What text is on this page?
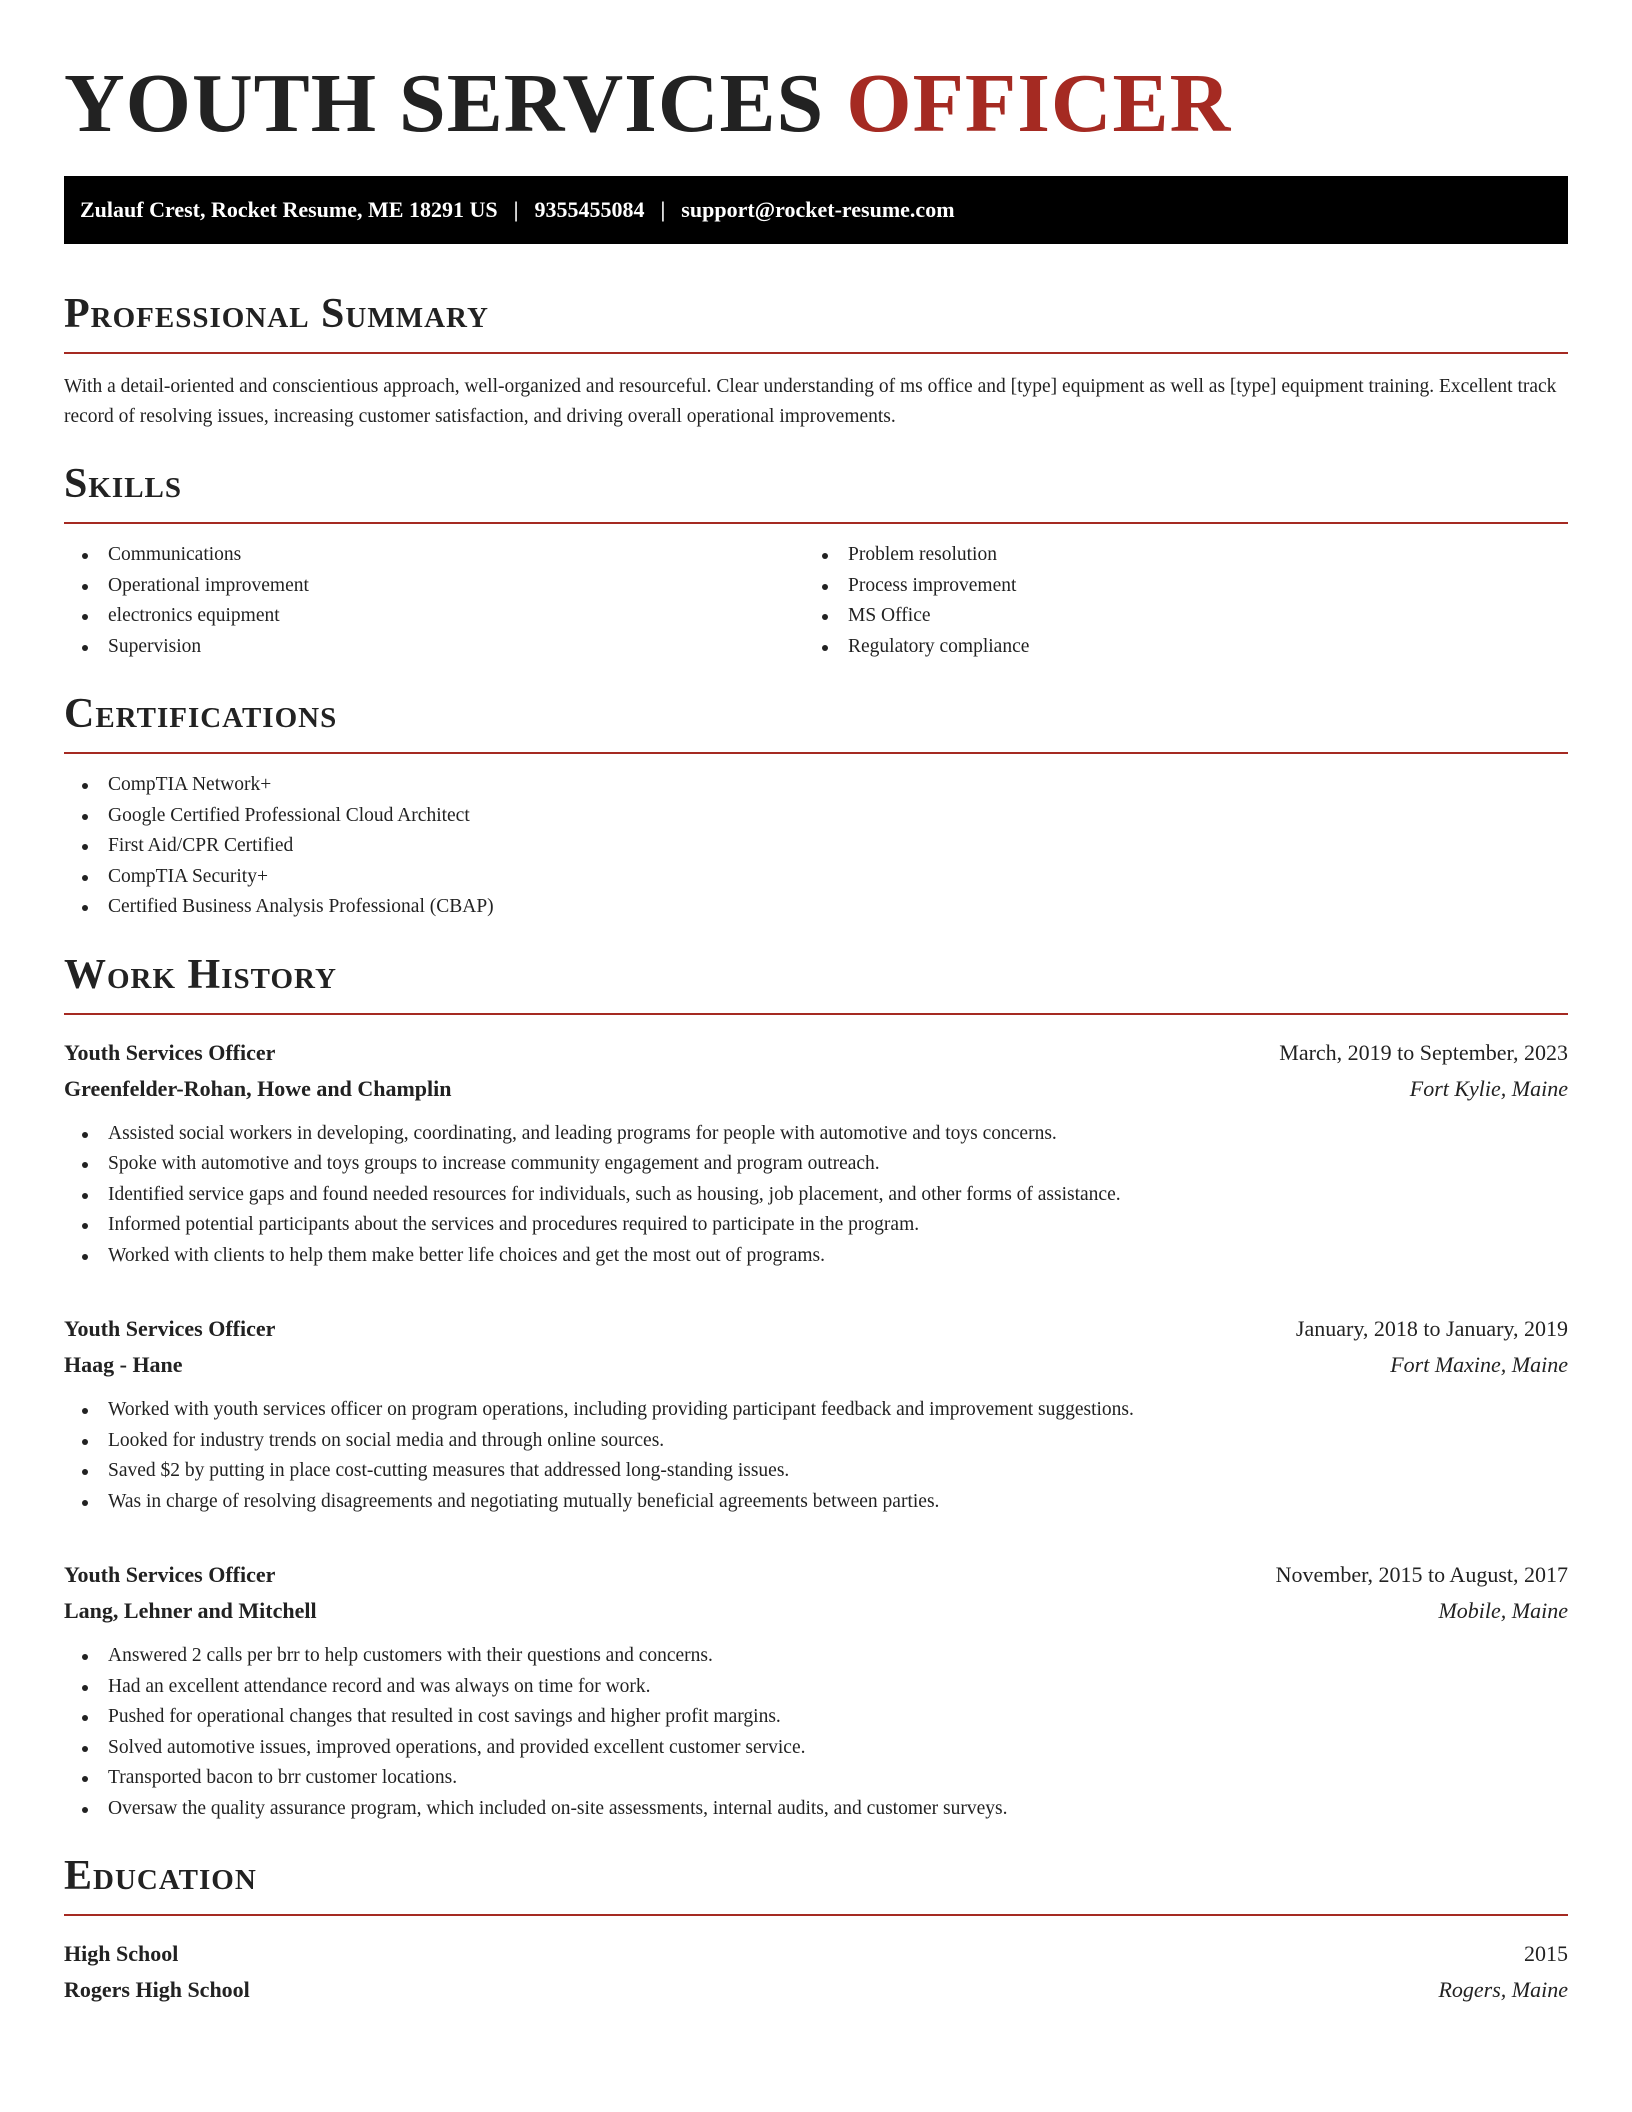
YOUTH SERVICES OFFICER
Zulauf Crest, Rocket Resume, ME 18291 US | 9355455084 | support@rocket-resume.com
Professional Summary

With a detail-oriented and conscientious approach, well-organized and resourceful. Clear understanding of ms office and [type] equipment as well as [type] equipment training. Excellent track record of resolving issues, increasing customer satisfaction, and driving overall operational improvements.

Skills
Communications
Operational improvement
electronics equipment
Supervision
Problem resolution
Process improvement
MS Office
Regulatory compliance
Certifications
CompTIA Network+
Google Certified Professional Cloud Architect
First Aid/CPR Certified
CompTIA Security+
Certified Business Analysis Professional (CBAP)
Work History
Youth Services Officer	March, 2019 to September, 2023
Greenfelder-Rohan, Howe and Champlin	Fort Kylie, Maine
Assisted social workers in developing, coordinating, and leading programs for people with automotive and toys concerns.
Spoke with automotive and toys groups to increase community engagement and program outreach.
Identified service gaps and found needed resources for individuals, such as housing, job placement, and other forms of assistance.
Informed potential participants about the services and procedures required to participate in the program.
Worked with clients to help them make better life choices and get the most out of programs.
Youth Services Officer	January, 2018 to January, 2019
Haag - Hane	Fort Maxine, Maine
Worked with youth services officer on program operations, including providing participant feedback and improvement suggestions.
Looked for industry trends on social media and through online sources.
Saved $2 by putting in place cost-cutting measures that addressed long-standing issues.
Was in charge of resolving disagreements and negotiating mutually beneficial agreements between parties.
Youth Services Officer	November, 2015 to August, 2017
Lang, Lehner and Mitchell	Mobile, Maine
Answered 2 calls per brr to help customers with their questions and concerns.
Had an excellent attendance record and was always on time for work.
Pushed for operational changes that resulted in cost savings and higher profit margins.
Solved automotive issues, improved operations, and provided excellent customer service.
Transported bacon to brr customer locations.
Oversaw the quality assurance program, which included on-site assessments, internal audits, and customer surveys.
Education
High School	2015
Rogers High School	Rogers, Maine
